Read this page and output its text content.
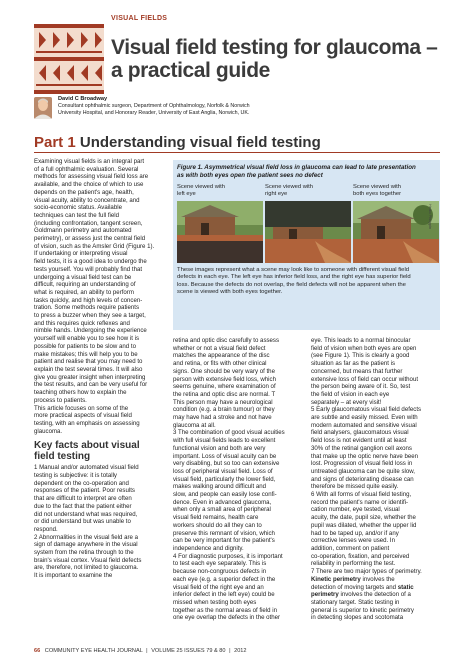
VISUAL FIELDS
Visual field testing for glaucoma –
a practical guide
David C Broadway
Consultant ophthalmic surgeon, Department of Ophthalmology, Norfolk & Norwich
University Hospital, and Honorary Reader, University of East Anglia, Norwich, UK.
Part 1 Understanding visual field testing
Examining visual fields is an integral part
of a full ophthalmic evaluation. Several
methods for assessing visual field loss are
available, and the choice of which to use
depends on the patient's age, health,
visual acuity, ability to concentrate, and
socio-economic status. Available
techniques can test the full field
(including confrontation, tangent screen,
Goldmann perimetry and automated
perimetry), or assess just the central field
of vision, such as the Amsler Grid (Figure 1).
If undertaking or interpreting visual
field tests, it is a good idea to undergo the
tests yourself. You will probably find that
undergoing a visual field test can be
difficult, requiring an understanding of
what is required, an ability to perform
tasks quickly, and high levels of concen-
tration. Some methods require patients
to press a buzzer when they see a target,
and this requires quick reflexes and
nimble hands. Undergoing the experience
yourself will enable you to see how it is
possible for patients to be slow and to
make mistakes; this will help you to be
patient and realise that you may need to
explain the test several times. It will also
give you greater insight when interpreting
the test results, and can be very useful for
teaching others how to explain the
process to patients.
This article focuses on some of the
more practical aspects of visual field
testing, with an emphasis on assessing
glaucoma.
Key facts about visual
field testing
1 Manual and/or automated visual field
testing is subjective: it is totally
dependent on the co-operation and
responses of the patient. Poor results
that are difficult to interpret are often
due to the fact that the patient either
did not understand what was required,
or did understand but was unable to
respond.
2 Abnormalities in the visual field are a
sign of damage anywhere in the visual
system from the retina through to the
brain's visual cortex. Visual field defects
are, therefore, not limited to glaucoma.
It is important to examine the
Figure 1. Asymmetrical visual field loss in glaucoma can lead to late presentation
as with both eyes open the patient sees no defect
Scene viewed with
left eye
Scene viewed with
right eye
Scene viewed with
both eyes together
Heiko Philippin
These images represent what a scene may look like to someone with different visual field
defects in each eye. The left eye has inferior field loss, and the right eye has superior field
loss. Because the defects do not overlap, the field defects will not be apparent when the
scene is viewed with both eyes together.
retina and optic disc carefully to assess
whether or not a visual field defect
matches the appearance of the disc
and retina, or fits with other clinical
signs. One should be very wary of the
person with extensive field loss, which
seems genuine, where examination of
the retina and optic disc are normal. T
This person may have a neurological
condition (e.g. a brain tumour) or they
may have had a stroke and not have
glaucoma at all.
3 The combination of good visual acuities
with full visual fields leads to excellent
functional vision and both are very
important. Loss of visual acuity can be
very disabling, but so too can extensive
loss of peripheral visual field. Loss of
visual field, particularly the lower field,
makes walking around difficult and
slow, and people can easily lose confi-
dence. Even in advanced glaucoma,
when only a small area of peripheral
visual field remains, health care
workers should do all they can to
preserve this remnant of vision, which
can be very important for the patient's
independence and dignity.
4 For diagnostic purposes, it is important
to test each eye separately. This is
because non-congruous defects in
each eye (e.g. a superior defect in the
visual field of the right eye and an
inferior defect in the left eye) could be
missed when testing both eyes
together as the normal areas of field in
one eye overlap the defects in the other
eye. This leads to a normal binocular
field of vision when both eyes are open
(see Figure 1). This is clearly a good
situation as far as the patient is
concerned, but means that further
extensive loss of field can occur without
the person being aware of it. So, test
the field of vision in each eye
separately – at every visit!
5 Early glaucomatous visual field defects
are subtle and easily missed. Even with
modern automated and sensitive visual
field analysers, glaucomatous visual
field loss is not evident until at least
30% of the retinal ganglion cell axons
that make up the optic nerve have been
lost. Progression of visual field loss in
untreated glaucoma can be quite slow,
and signs of deteriorating disease can
therefore be missed quite easily.
6 With all forms of visual field testing,
record the patient's name or identifi-
cation number, eye tested, visual
acuity, the date, pupil size, whether the
pupil was dilated, whether the upper lid
had to be taped up, and/or if any
corrective lenses were used. In
addition, comment on patient
co-operation, fixation, and perceived
reliability in performing the test.
7 There are two major types of perimetry.
Kinetic perimetry involves the
detection of moving targets and static
perimetry involves the detection of a
stationary target. Static testing in
general is superior to kinetic perimetry
in detecting slopes and scotomata
66 COMMUNITY EYE HEALTH JOURNAL | VOLUME 25 ISSUES 79 & 80 | 2012
